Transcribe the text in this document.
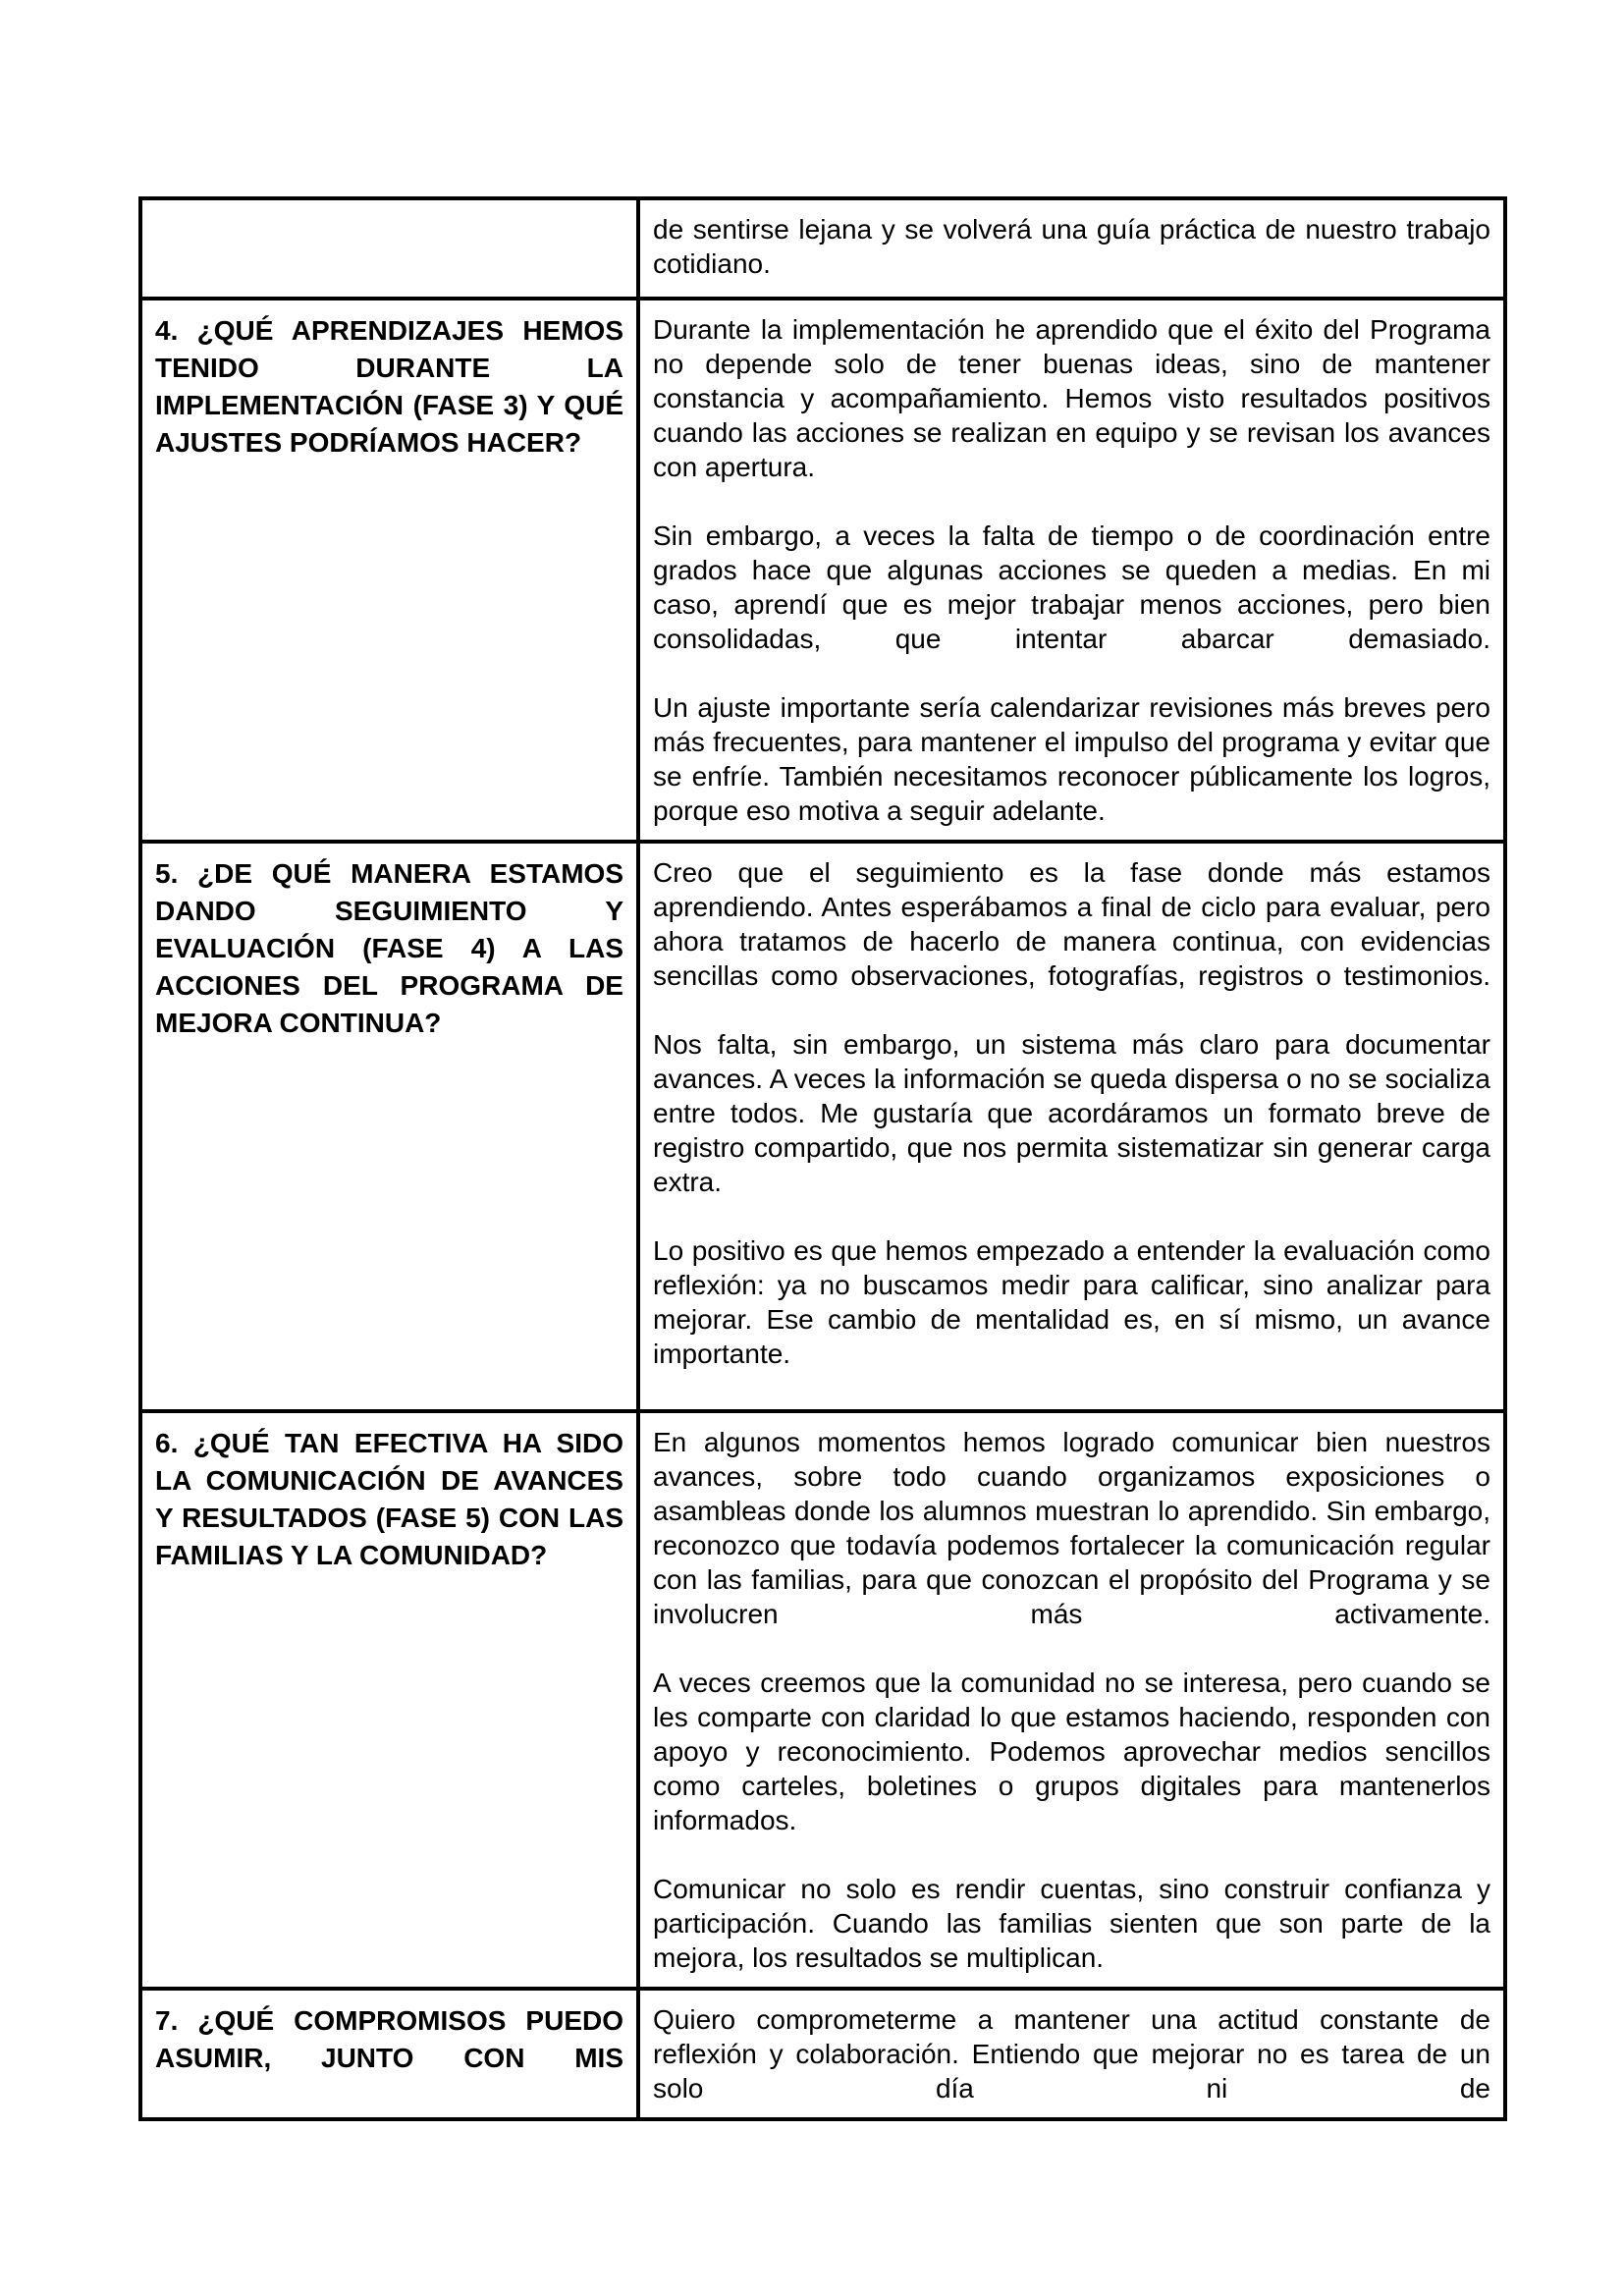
	de sentirse lejana y se volverá una guía práctica de nuestro trabajo cotidiano.

4. ¿QUÉ APRENDIZAJES HEMOS TENIDO DURANTE LA IMPLEMENTACIÓN (FASE 3) Y QUÉ AJUSTES PODRÍAMOS HACER?	Durante la implementación he aprendido que el éxito del Programa no depende solo de tener buenas ideas, sino de mantener constancia y acompañamiento. Hemos visto resultados positivos cuando las acciones se realizan en equipo y se revisan los avances con apertura.

Sin embargo, a veces la falta de tiempo o de coordinación entre grados hace que algunas acciones se queden a medias. En mi caso, aprendí que es mejor trabajar menos acciones, pero bien consolidadas, que intentar abarcar demasiado.

Un ajuste importante sería calendarizar revisiones más breves pero más frecuentes, para mantener el impulso del programa y evitar que se enfríe. También necesitamos reconocer públicamente los logros, porque eso motiva a seguir adelante.

5. ¿DE QUÉ MANERA ESTAMOS DANDO SEGUIMIENTO Y EVALUACIÓN (FASE 4) A LAS ACCIONES DEL PROGRAMA DE MEJORA CONTINUA?	Creo que el seguimiento es la fase donde más estamos aprendiendo. Antes esperábamos a final de ciclo para evaluar, pero ahora tratamos de hacerlo de manera continua, con evidencias sencillas como observaciones, fotografías, registros o testimonios.

Nos falta, sin embargo, un sistema más claro para documentar avances. A veces la información se queda dispersa o no se socializa entre todos. Me gustaría que acordáramos un formato breve de registro compartido, que nos permita sistematizar sin generar carga extra.

Lo positivo es que hemos empezado a entender la evaluación como reflexión: ya no buscamos medir para calificar, sino analizar para mejorar. Ese cambio de mentalidad es, en sí mismo, un avance importante.

6. ¿QUÉ TAN EFECTIVA HA SIDO LA COMUNICACIÓN DE AVANCES Y RESULTADOS (FASE 5) CON LAS FAMILIAS Y LA COMUNIDAD?	En algunos momentos hemos logrado comunicar bien nuestros avances, sobre todo cuando organizamos exposiciones o asambleas donde los alumnos muestran lo aprendido. Sin embargo, reconozco que todavía podemos fortalecer la comunicación regular con las familias, para que conozcan el propósito del Programa y se involucren más activamente.

A veces creemos que la comunidad no se interesa, pero cuando se les comparte con claridad lo que estamos haciendo, responden con apoyo y reconocimiento. Podemos aprovechar medios sencillos como carteles, boletines o grupos digitales para mantenerlos informados.

Comunicar no solo es rendir cuentas, sino construir confianza y participación. Cuando las familias sienten que son parte de la mejora, los resultados se multiplican.

7. ¿QUÉ COMPROMISOS PUEDO ASUMIR, JUNTO CON MIS	Quiero comprometerme a mantener una actitud constante de reflexión y colaboración. Entiendo que mejorar no es tarea de un solo día ni de
